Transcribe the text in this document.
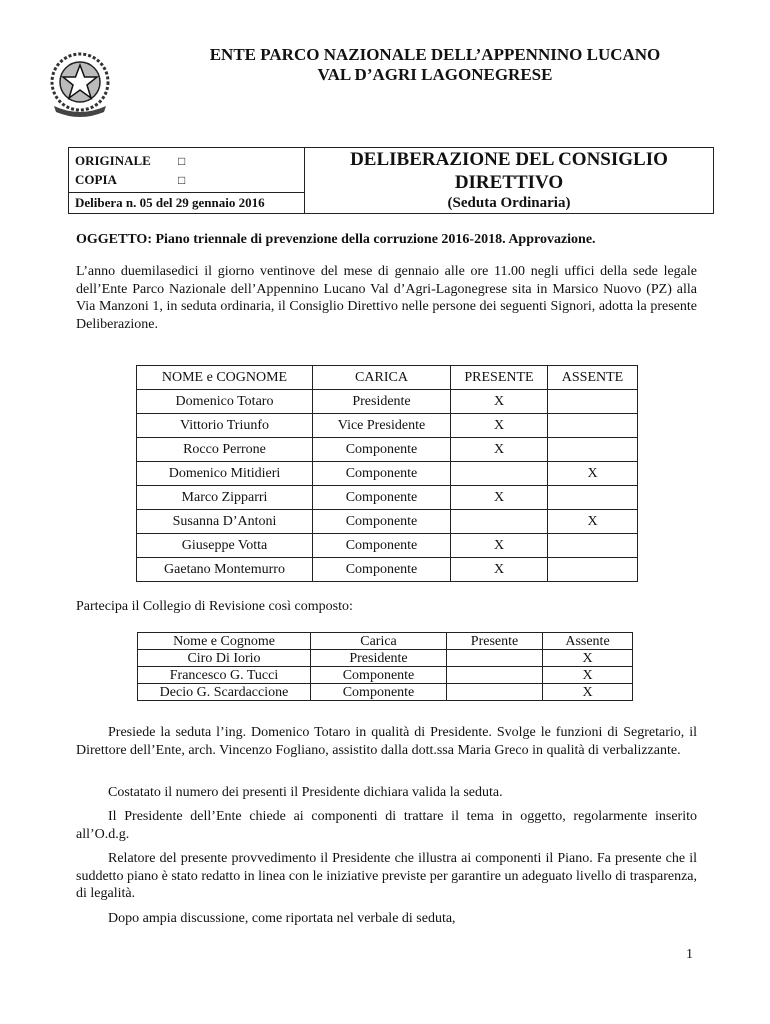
ENTE PARCO NAZIONALE DELL’APPENNINO LUCANO
VAL D’AGRI LAGONEGRESE
ORIGINALE □
COPIA	□
Delibera n. 05 del 29 gennaio 2016
DELIBERAZIONE DEL CONSIGLIO
DIRETTIVO
(Seduta Ordinaria)
OGGETTO: Piano triennale di prevenzione della corruzione 2016-2018. Approvazione.
L’anno duemilasedici il giorno ventinove del mese di gennaio alle ore 11.00 negli uffici della sede legale dell’Ente Parco Nazionale dell’Appennino Lucano Val d’Agri-Lagonegrese sita in Marsico Nuovo (PZ) alla Via Manzoni 1, in seduta ordinaria, il Consiglio Direttivo nelle persone dei seguenti Signori, adotta la presente Deliberazione.
NOME e COGNOME	CARICA	PRESENTE	ASSENTE
Domenico Totaro	Presidente	X	
Vittorio Triunfo	Vice Presidente	X	
Rocco Perrone	Componente	X	
Domenico Mitidieri	Componente		X
Marco Zipparri	Componente	X	
Susanna D’Antoni	Componente		X
Giuseppe Votta	Componente	X	
Gaetano Montemurro	Componente	X	
Partecipa il Collegio di Revisione così composto:
Nome e Cognome	Carica	Presente	Assente
Ciro Di Iorio	Presidente		X
Francesco G. Tucci	Componente		X
Decio G. Scardaccione	Componente		X
Presiede la seduta l’ing. Domenico Totaro in qualità di Presidente. Svolge le funzioni di Segretario, il Direttore dell’Ente, arch. Vincenzo Fogliano, assistito dalla dott.ssa Maria Greco in qualità di verbalizzante.
Costatato il numero dei presenti il Presidente dichiara valida la seduta.
Il Presidente dell’Ente chiede ai componenti di trattare il tema in oggetto, regolarmente inserito all’O.d.g.
Relatore del presente provvedimento il Presidente che illustra ai componenti il Piano. Fa presente che il suddetto piano è stato redatto in linea con le iniziative previste per garantire un adeguato livello di trasparenza, di legalità.
Dopo ampia discussione, come riportata nel verbale di seduta,
1
